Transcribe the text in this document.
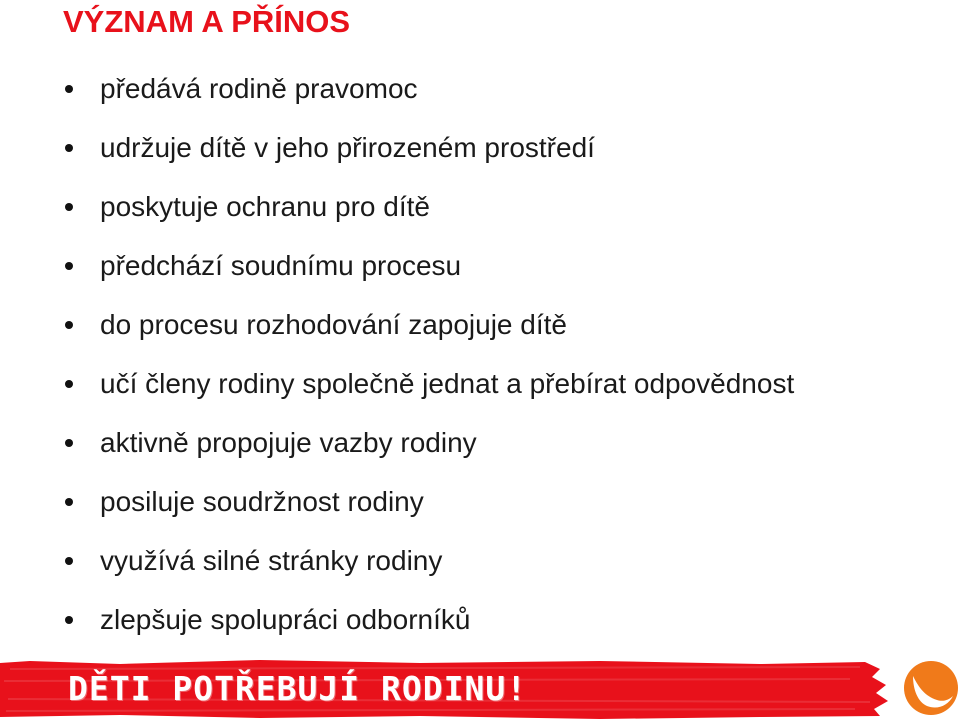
VÝZNAM A PŘÍNOS
předává rodině pravomoc
udržuje dítě v jeho přirozeném prostředí
poskytuje ochranu pro dítě
předchází soudnímu procesu
do procesu rozhodování zapojuje dítě
učí členy rodiny společně jednat a přebírat odpovědnost
aktivně propojuje vazby rodiny
posiluje soudržnost rodiny
využívá silné stránky rodiny
zlepšuje spolupráci odborníků
DĚTI POTŘEBUJÍ RODINU!
